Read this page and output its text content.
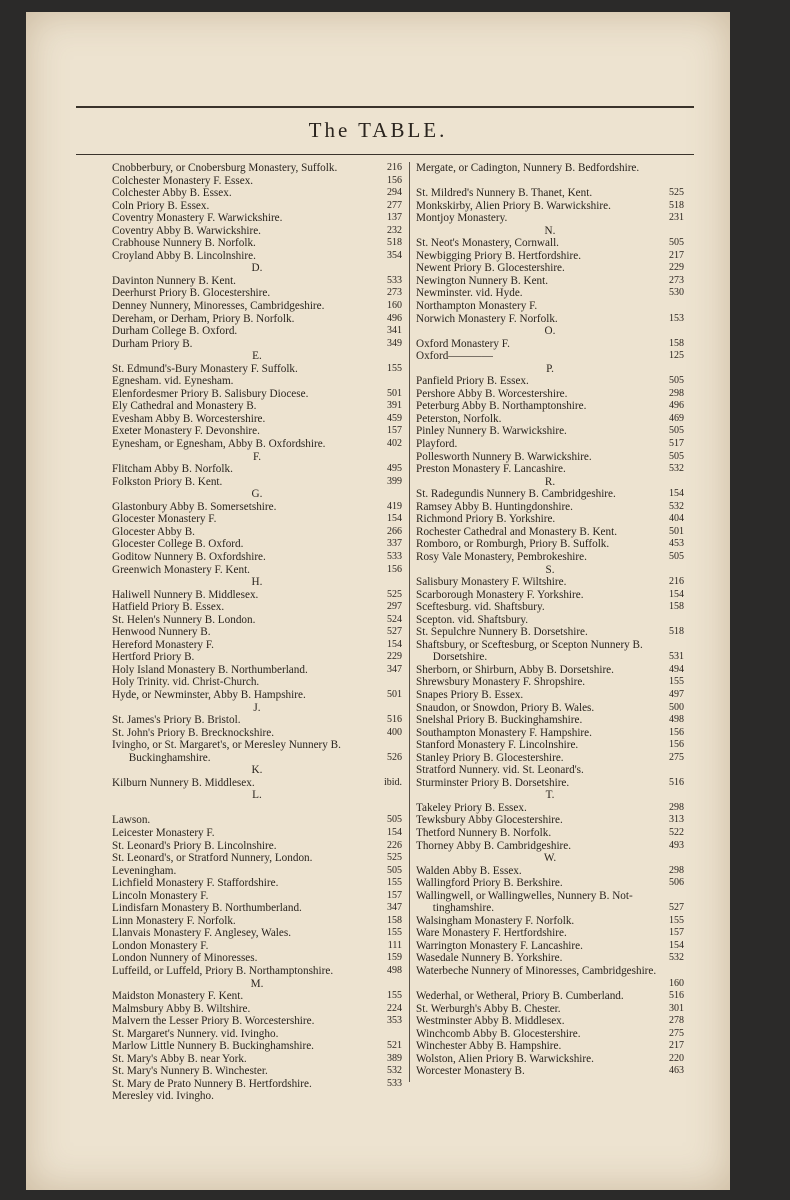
The TABLE.
Cnobberbury, or Cnobersburg Monastery, Suffolk.	216
Colchester Monastery F. Essex.	156
Colchester Abby B. Essex.	294
Coln Priory B. Essex.	277
Coventry Monastery F. Warwickshire.	137
Coventry Abby B. Warwickshire.	232
Crabhouse Nunnery B. Norfolk.	518
Croyland Abby B. Lincolnshire.	354
D.
Davinton Nunnery B. Kent.	533
Deerhurst Priory B. Glocestershire.	273
Denney Nunnery, Minoresses, Cambridgeshire.	160
Dereham, or Derham, Priory B. Norfolk.	496
Durham College B. Oxford.	341
Durham Priory B.	349
E.
St. Edmund's-Bury Monastery F. Suffolk.	155
Egnesham. vid. Eynesham.
Elenfordesmer Priory B. Salisbury Diocese.	501
Ely Cathedral and Monastery B.	391
Evesham Abby B. Worcestershire.	459
Exeter Monastery F. Devonshire.	157
Eynesham, or Egnesham, Abby B. Oxfordshire.	402
F.
Flitcham Abby B. Norfolk.	495
Folkston Priory B. Kent.	399
G.
Glastonbury Abby B. Somersetshire.	419
Glocester Monastery F.	154
Glocester Abby B.	266
Glocester College B. Oxford.	337
Goditow Nunnery B. Oxfordshire.	533
Greenwich Monastery F. Kent.	156
H.
Haliwell Nunnery B. Middlesex.	525
Hatfield Priory B. Essex.	297
St. Helen's Nunnery B. London.	524
Henwood Nunnery B.	527
Hereford Monastery F.	154
Hertford Priory B.	229
Holy Island Monastery B. Northumberland.	347
Holy Trinity. vid. Christ-Church.
Hyde, or Newminster, Abby B. Hampshire.	501
J.
St. James's Priory B. Bristol.	516
St. John's Priory B. Brecknockshire.	400
Ivingho, or St. Margaret's, or Meresley Nunnery B.
Buckinghamshire.	526
K.
Kilburn Nunnery B. Middlesex.	ibid.
L.
Lawson.	505
Leicester Monastery F.	154
St. Leonard's Priory B. Lincolnshire.	226
St. Leonard's, or Stratford Nunnery, London.	525
Leveningham.	505
Lichfield Monastery F. Staffordshire.	155
Lincoln Monastery F.	157
Lindisfarn Monastery B. Northumberland.	347
Linn Monastery F. Norfolk.	158
Llanvais Monastery F. Anglesey, Wales.	155
London Monastery F.	111
London Nunnery of Minoresses.	159
Luffeild, or Luffeld, Priory B. Northamptonshire.	498
M.
Maidston Monastery F. Kent.	155
Malmsbury Abby B. Wiltshire.	224
Malvern the Lesser Priory B. Worcestershire.	353
St. Margaret's Nunnery. vid. Ivingho.
Marlow Little Nunnery B. Buckinghamshire.	521
St. Mary's Abby B. near York.	389
St. Mary's Nunnery B. Winchester.	532
St. Mary de Prato Nunnery B. Hertfordshire.	533
Meresley vid. Ivingho.
Mergate, or Cadington, Nunnery B. Bedfordshire.
St. Mildred's Nunnery B. Thanet, Kent.	525
Monkskirby, Alien Priory B. Warwickshire.	518
Montjoy Monastery.	231
N.
St. Neot's Monastery, Cornwall.	505
Newbigging Priory B. Hertfordshire.	217
Newent Priory B. Glocestershire.	229
Newington Nunnery B. Kent.	273
Newminster. vid. Hyde.	530
Northampton Monastery F.
Norwich Monastery F. Norfolk.	153
O.
Oxford Monastery F.	158
Oxford————	125
P.
Panfield Priory B. Essex.	505
Pershore Abby B. Worcestershire.	298
Peterburg Abby B. Northamptonshire.	496
Peterston, Norfolk.	469
Pinley Nunnery B. Warwickshire.	505
Playford.	517
Pollesworth Nunnery B. Warwickshire.	505
Preston Monastery F. Lancashire.	532
R.
St. Radegundis Nunnery B. Cambridgeshire.	154
Ramsey Abby B. Huntingdonshire.	532
Richmond Priory B. Yorkshire.	404
Rochester Cathedral and Monastery B. Kent.	501
Romboro, or Romburgh, Priory B. Suffolk.	453
Rosy Vale Monastery, Pembrokeshire.	505
S.
Salisbury Monastery F. Wiltshire.	216
Scarborough Monastery F. Yorkshire.	154
Sceftesburg. vid. Shaftsbury.	158
Scepton. vid. Shaftsbury.
St. Sepulchre Nunnery B. Dorsetshire.	518
Shaftsbury, or Sceftesburg, or Scepton Nunnery B.
Dorsetshire.	531
Sherborn, or Shirburn, Abby B. Dorsetshire.	494
Shrewsbury Monastery F. Shropshire.	155
Snapes Priory B. Essex.	497
Snaudon, or Snowdon, Priory B. Wales.	500
Snelshal Priory B. Buckinghamshire.	498
Southampton Monastery F. Hampshire.	156
Stanford Monastery F. Lincolnshire.	156
Stanley Priory B. Glocestershire.	275
Stratford Nunnery. vid. St. Leonard's.
Sturminster Priory B. Dorsetshire.	516
T.
Takeley Priory B. Essex.	298
Tewksbury Abby Glocestershire.	313
Thetford Nunnery B. Norfolk.	522
Thorney Abby B. Cambridgeshire.	493
W.
Walden Abby B. Essex.	298
Wallingford Priory B. Berkshire.	506
Wallingwell, or Wallingwelles, Nunnery B. Not-
tinghamshire.	527
Walsingham Monastery F. Norfolk.	155
Ware Monastery F. Hertfordshire.	157
Warrington Monastery F. Lancashire.	154
Wasedale Nunnery B. Yorkshire.	532
Waterbeche Nunnery of Minoresses, Cambridgeshire.
160
Wederhal, or Wetheral, Priory B. Cumberland.	516
St. Werburgh's Abby B. Chester.	301
Westminster Abby B. Middlesex.	278
Winchcomb Abby B. Glocestershire.	275
Winchester Abby B. Hampshire.	217
Wolston, Alien Priory B. Warwickshire.	220
Worcester Monastery B.	463
